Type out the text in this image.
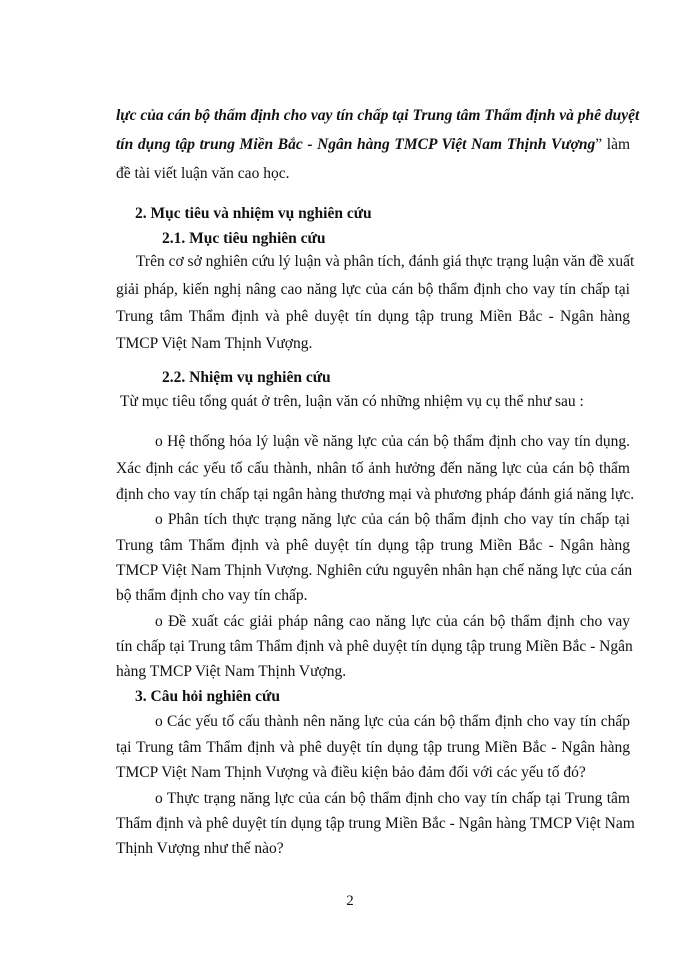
lực của cán bộ thẩm định cho vay tín chấp tại Trung tâm Thẩm định và phê duyệt
tín dụng tập trung Miền Bắc - Ngân hàng TMCP Việt Nam Thịnh Vượng” làm
đề tài viết luận văn cao học.
2. Mục tiêu và nhiệm vụ nghiên cứu
2.1. Mục tiêu nghiên cứu
Trên cơ sở nghiên cứu lý luận và phân tích, đánh giá thực trạng luận văn đề xuất
giải pháp, kiến nghị nâng cao năng lực của cán bộ thẩm định cho vay tín chấp tại
Trung tâm Thẩm định và phê duyệt tín dụng tập trung Miền Bắc - Ngân hàng
TMCP Việt Nam Thịnh Vượng.
2.2. Nhiệm vụ nghiên cứu
Từ mục tiêu tổng quát ở trên, luận văn có những nhiệm vụ cụ thể như sau :
o Hệ thống hóa lý luận về năng lực của cán bộ thẩm định cho vay tín dụng.
Xác định các yếu tố cấu thành, nhân tố ảnh hưởng đến năng lực của cán bộ thẩm
định cho vay tín chấp tại ngân hàng thương mại và phương pháp đánh giá năng lực.
o Phân tích thực trạng năng lực của cán bộ thẩm định cho vay tín chấp tại
Trung tâm Thẩm định và phê duyệt tín dụng tập trung Miền Bắc - Ngân hàng
TMCP Việt Nam Thịnh Vượng. Nghiên cứu nguyên nhân hạn chế năng lực của cán
bộ thẩm định cho vay tín chấp.
o Đề xuất các giải pháp nâng cao năng lực của cán bộ thẩm định cho vay
tín chấp tại Trung tâm Thẩm định và phê duyệt tín dụng tập trung Miền Bắc - Ngân
hàng TMCP Việt Nam Thịnh Vượng.
3. Câu hỏi nghiên cứu
o Các yếu tố cấu thành nên năng lực của cán bộ thẩm định cho vay tín chấp
tại Trung tâm Thẩm định và phê duyệt tín dụng tập trung Miền Bắc - Ngân hàng
TMCP Việt Nam Thịnh Vượng và điều kiện bảo đảm đối với các yếu tố đó?
o Thực trạng năng lực của cán bộ thẩm định cho vay tín chấp tại Trung tâm
Thẩm định và phê duyệt tín dụng tập trung Miền Bắc - Ngân hàng TMCP Việt Nam
Thịnh Vượng như thế nào?
2
